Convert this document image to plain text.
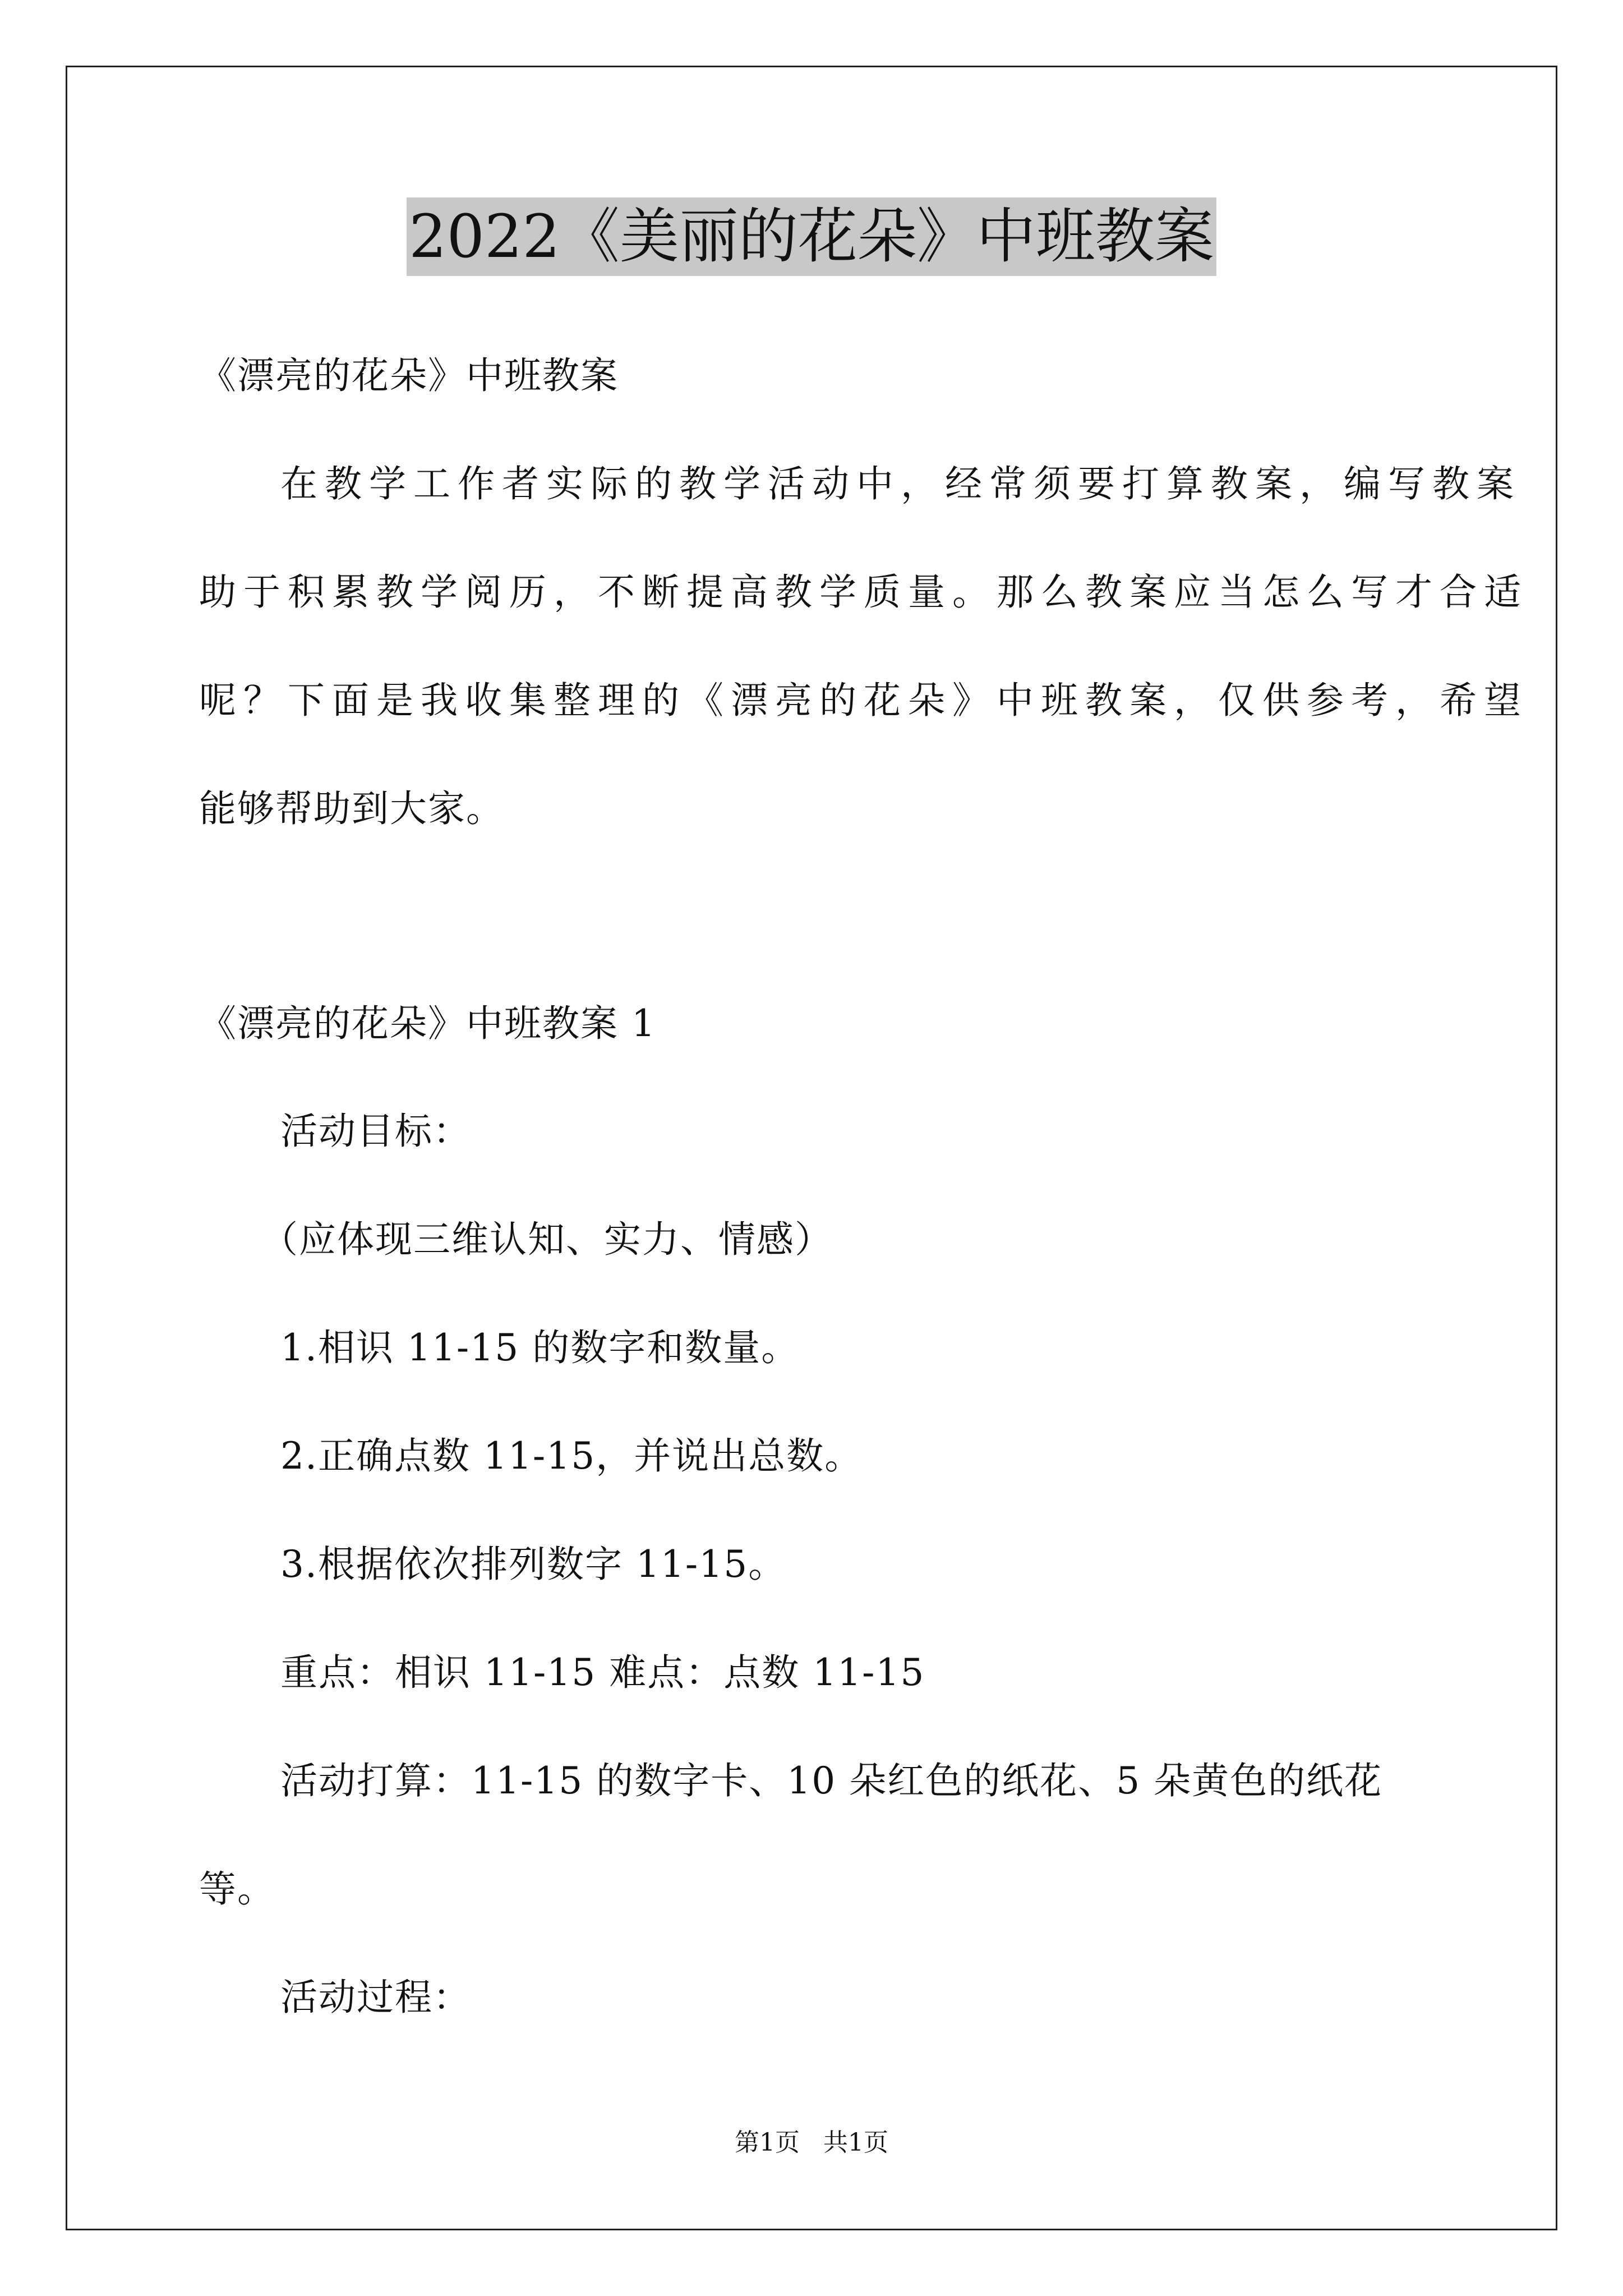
2022《美丽的花朵》中班教案
《漂亮的花朵》中班教案
在教学工作者实际的教学活动中，经常须要打算教案，编写教案
助于积累教学阅历，不断提高教学质量。那么教案应当怎么写才合适
呢？下面是我收集整理的《漂亮的花朵》中班教案，仅供参考，希望
能够帮助到大家。
《漂亮的花朵》中班教案 1
活动目标：
（应体现三维认知、实力、情感）
1.相识 11-15 的数字和数量。
2.正确点数 11-15，并说出总数。
3.根据依次排列数字 11-15。
重点：相识 11-15 难点：点数 11-15
活动打算：11-15 的数字卡、10 朵红色的纸花、5 朵黄色的纸花
等。
活动过程：
第1页   共1页
